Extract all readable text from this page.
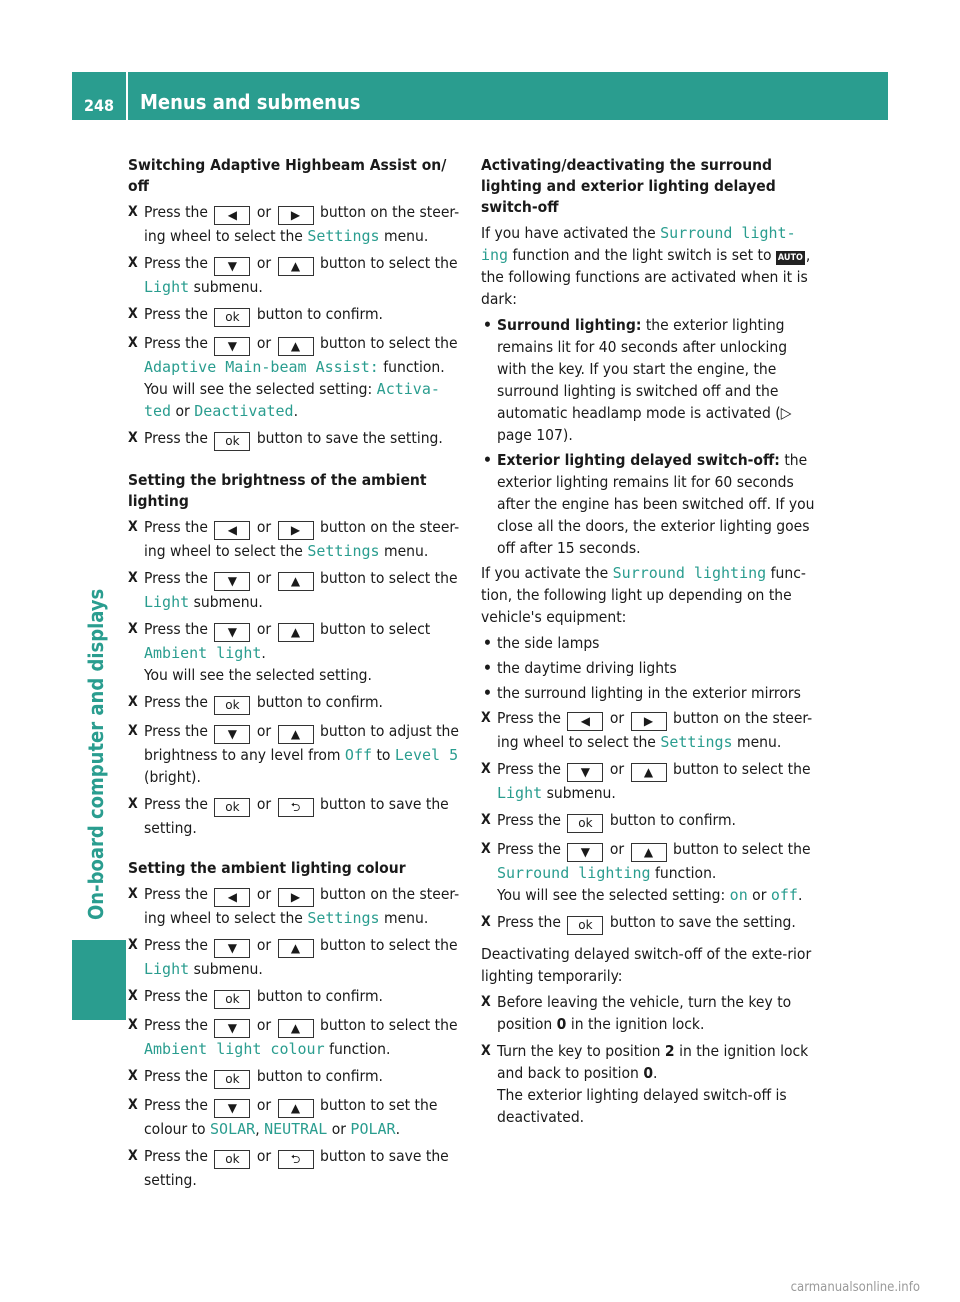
248 Menus and submenus
On-board computer and displays
Switching Adaptive Highbeam Assist on/ off
X Press the ◀ or ▶ button on the steer-ing wheel to select the Settings menu.
X Press the ▼ or ▲ button to select the Light submenu.
X Press the ok button to confirm.
X Press the ▼ or ▲ button to select the Adaptive Main-beam Assist: function.
You will see the selected setting: Activa-ted or Deactivated.
X Press the ok button to save the setting.
Setting the brightness of the ambient lighting
X Press the ◀ or ▶ button on the steer-ing wheel to select the Settings menu.
X Press the ▼ or ▲ button to select the Light submenu.
X Press the ▼ or ▲ button to select Ambient light.
You will see the selected setting.
X Press the ok button to confirm.
X Press the ▼ or ▲ button to adjust the brightness to any level from Off to Level 5 (bright).
X Press the ok or ⮌ button to save the setting.
Setting the ambient lighting colour
X Press the ◀ or ▶ button on the steer-ing wheel to select the Settings menu.
X Press the ▼ or ▲ button to select the Light submenu.
X Press the ok button to confirm.
X Press the ▼ or ▲ button to select the Ambient light colour function.
X Press the ok button to confirm.
X Press the ▼ or ▲ button to set the colour to SOLAR, NEUTRAL or POLAR.
X Press the ok or ⮌ button to save the setting.
Activating/deactivating the surround lighting and exterior lighting delayed switch-off
If you have activated the Surround light-ing function and the light switch is set to AUTO , the following functions are activated when it is dark:
• Surround lighting: the exterior lighting remains lit for 40 seconds after unlocking with the key. If you start the engine, the surround lighting is switched off and the automatic headlamp mode is activated (▷ page 107).
• Exterior lighting delayed switch-off: the exterior lighting remains lit for 60 seconds after the engine has been switched off. If you close all the doors, the exterior lighting goes off after 15 seconds.
If you activate the Surround lighting func-tion, the following light up depending on the vehicle's equipment:
• the side lamps
• the daytime driving lights
• the surround lighting in the exterior mirrors
X Press the ◀ or ▶ button on the steer-ing wheel to select the Settings menu.
X Press the ▼ or ▲ button to select the Light submenu.
X Press the ok button to confirm.
X Press the ▼ or ▲ button to select the Surround lighting function.
You will see the selected setting: on or off.
X Press the ok button to save the setting.
Deactivating delayed switch-off of the exte-rior lighting temporarily:
X Before leaving the vehicle, turn the key to position 0 in the ignition lock.
X Turn the key to position 2 in the ignition lock and back to position 0.
The exterior lighting delayed switch-off is deactivated.
carmanualsonline.info
